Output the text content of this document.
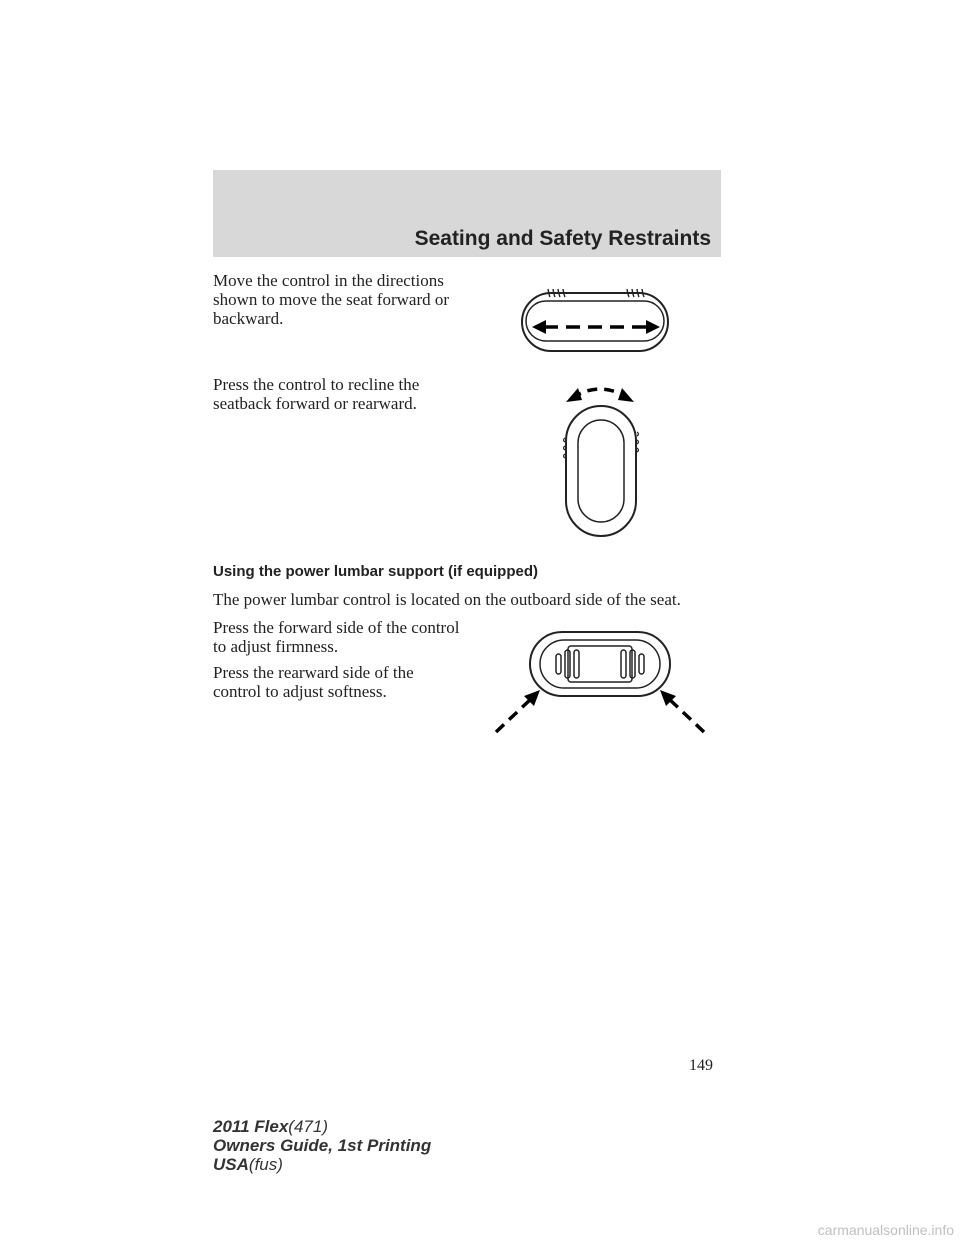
Seating and Safety Restraints

Move the control in the directions
shown to move the seat forward or
backward.

Press the control to recline the
seatback forward or rearward.

Using the power lumbar support (if equipped)

The power lumbar control is located on the outboard side of the seat.

Press the forward side of the control
to adjust firmness.

Press the rearward side of the
control to adjust softness.

149
2011 Flex(471)
Owners Guide, 1st Printing
USA(fus)
carmanualsonline.info
